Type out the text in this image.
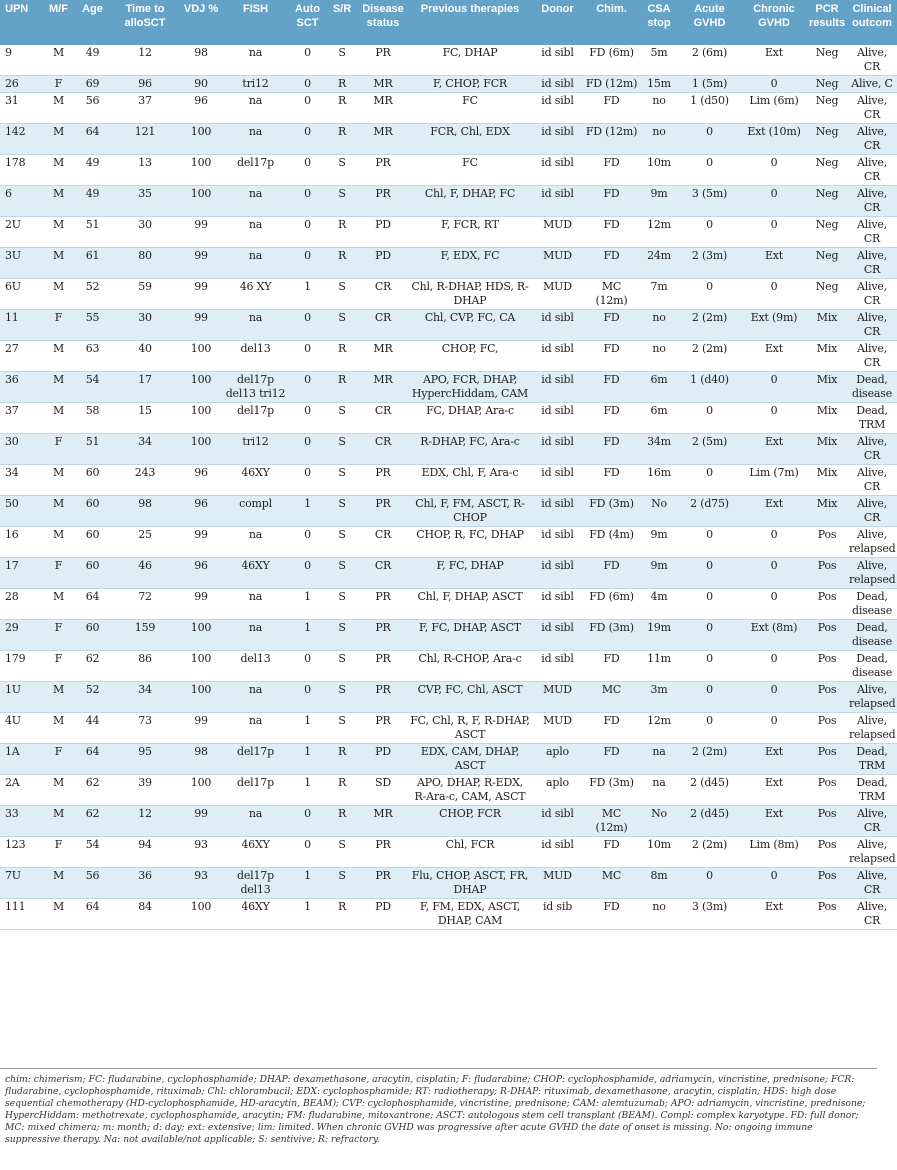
UPN	M/F	Age	Time to alloSCT	VDJ %	FISH	Auto SCT	S/R	Disease status	Previous therapies	Donor	Chim.	CSA stop	Acute GVHD	Chronic GVHD	PCR results	Clinical outcom
9	M	49	12	98	na	0	S	PR	FC, DHAP	id sibl	FD (6m)	5m	2 (6m)	Ext	Neg	Alive, CR
26	F	69	96	90	tri12	0	R	MR	F, CHOP, FCR	id sibl	FD (12m)	15m	1 (5m)	0	Neg	Alive, C
31	M	56	37	96	na	0	R	MR	FC	id sibl	FD	no	1 (d50)	Lim (6m)	Neg	Alive, CR
142	M	64	121	100	na	0	R	MR	FCR, Chl, EDX	id sibl	FD (12m)	no	0	Ext (10m)	Neg	Alive, CR
178	M	49	13	100	del17p	0	S	PR	FC	id sibl	FD	10m	0	0	Neg	Alive, CR
6	M	49	35	100	na	0	S	PR	Chl, F, DHAP, FC	id sibl	FD	9m	3 (5m)	0	Neg	Alive, CR
2U	M	51	30	99	na	0	R	PD	F, FCR, RT	MUD	FD	12m	0	0	Neg	Alive, CR
3U	M	61	80	99	na	0	R	PD	F, EDX, FC	MUD	FD	24m	2 (3m)	Ext	Neg	Alive, CR
6U	M	52	59	99	46 XY	1	S	CR	Chl, R-DHAP, HDS, R-DHAP	MUD	MC (12m)	7m	0	0	Neg	Alive, CR
11	F	55	30	99	na	0	S	CR	Chl, CVP, FC, CA	id sibl	FD	no	2 (2m)	Ext (9m)	Mix	Alive, CR
27	M	63	40	100	del13	0	R	MR	CHOP, FC,	id sibl	FD	no	2 (2m)	Ext	Mix	Alive, CR
36	M	54	17	100	del17p del13 tri12	0	R	MR	APO, FCR, DHAP, HypercHiddam, CAM	id sibl	FD	6m	1 (d40)	0	Mix	Dead, disease
37	M	58	15	100	del17p	0	S	CR	FC, DHAP, Ara-c	id sibl	FD	6m	0	0	Mix	Dead, TRM
30	F	51	34	100	tri12	0	S	CR	R-DHAP, FC, Ara-c	id sibl	FD	34m	2 (5m)	Ext	Mix	Alive, CR
34	M	60	243	96	46XY	0	S	PR	EDX, Chl, F, Ara-c	id sibl	FD	16m	0	Lim (7m)	Mix	Alive, CR
50	M	60	98	96	compl	1	S	PR	Chl, F, FM, ASCT, R-CHOP	id sibl	FD (3m)	No	2 (d75)	Ext	Mix	Alive, CR
16	M	60	25	99	na	0	S	CR	CHOP, R, FC, DHAP	id sibl	FD (4m)	9m	0	0	Pos	Alive, relapsed
17	F	60	46	96	46XY	0	S	CR	F, FC, DHAP	id sibl	FD	9m	0	0	Pos	Alive, relapsed
28	M	64	72	99	na	1	S	PR	Chl, F, DHAP, ASCT	id sibl	FD (6m)	4m	0	0	Pos	Dead, disease
29	F	60	159	100	na	1	S	PR	F, FC, DHAP, ASCT	id sibl	FD (3m)	19m	0	Ext (8m)	Pos	Dead, disease
179	F	62	86	100	del13	0	S	PR	Chl, R-CHOP, Ara-c	id sibl	FD	11m	0	0	Pos	Dead, disease
1U	M	52	34	100	na	0	S	PR	CVP, FC, Chl, ASCT	MUD	MC	3m	0	0	Pos	Alive, relapsed
4U	M	44	73	99	na	1	S	PR	FC, Chl, R, F, R-DHAP, ASCT	MUD	FD	12m	0	0	Pos	Alive, relapsed
1A	F	64	95	98	del17p	1	R	PD	EDX, CAM, DHAP, ASCT	aplo	FD	na	2 (2m)	Ext	Pos	Dead, TRM
2A	M	62	39	100	del17p	1	R	SD	APO, DHAP, R-EDX, R-Ara-c, CAM, ASCT	aplo	FD (3m)	na	2 (d45)	Ext	Pos	Dead, TRM
33	M	62	12	99	na	0	R	MR	CHOP, FCR	id sibl	MC (12m)	No	2 (d45)	Ext	Pos	Alive, CR
123	F	54	94	93	46XY	0	S	PR	Chl, FCR	id sibl	FD	10m	2 (2m)	Lim (8m)	Pos	Alive, relapsed
7U	M	56	36	93	del17p del13	1	S	PR	Flu, CHOP, ASCT, FR, DHAP	MUD	MC	8m	0	0	Pos	Alive, CR
111	M	64	84	100	46XY	1	R	PD	F, FM, EDX, ASCT, DHAP, CAM	id sib	FD	no	3 (3m)	Ext	Pos	Alive, CR
chim: chimerism; FC: fludarabine, cyclophosphamide; DHAP: dexamethasone, aracytin, cisplatin; F: fludarabine; CHOP: cyclophosphamide, adriamycin, vincristine, prednisone; FCR: fludarabine, cyclophosphamide, rituximab; Chl: chlorambucil; EDX: cyclophosphamide; RT: radiotherapy; R-DHAP: rituximab, dexamethasone, aracytin, cisplatin; HDS: high dose sequential chemotherapy (HD-cyclophosphamide, HD-aracytin, BEAM); CVP: cyclophosphamide, vincristine, prednisone; CAM: alemtuzumab; APO: adriamycin, vincristine, prednisone; HypercHiddam: methotrexate, cyclophosphamide, aracytin; FM: fludarabine, mitoxantrone; ASCT: autologous stem cell transplant (BEAM). Compl: complex karyotype. FD: full donor; MC: mixed chimera; m: month; d: day; ext: extensive; lim: limited. When chronic GVHD was progressive after acute GVHD the date of onset is missing. No: ongoing immune suppressive therapy. Na: not available/not applicable; S: sentivive; R: refractory.
